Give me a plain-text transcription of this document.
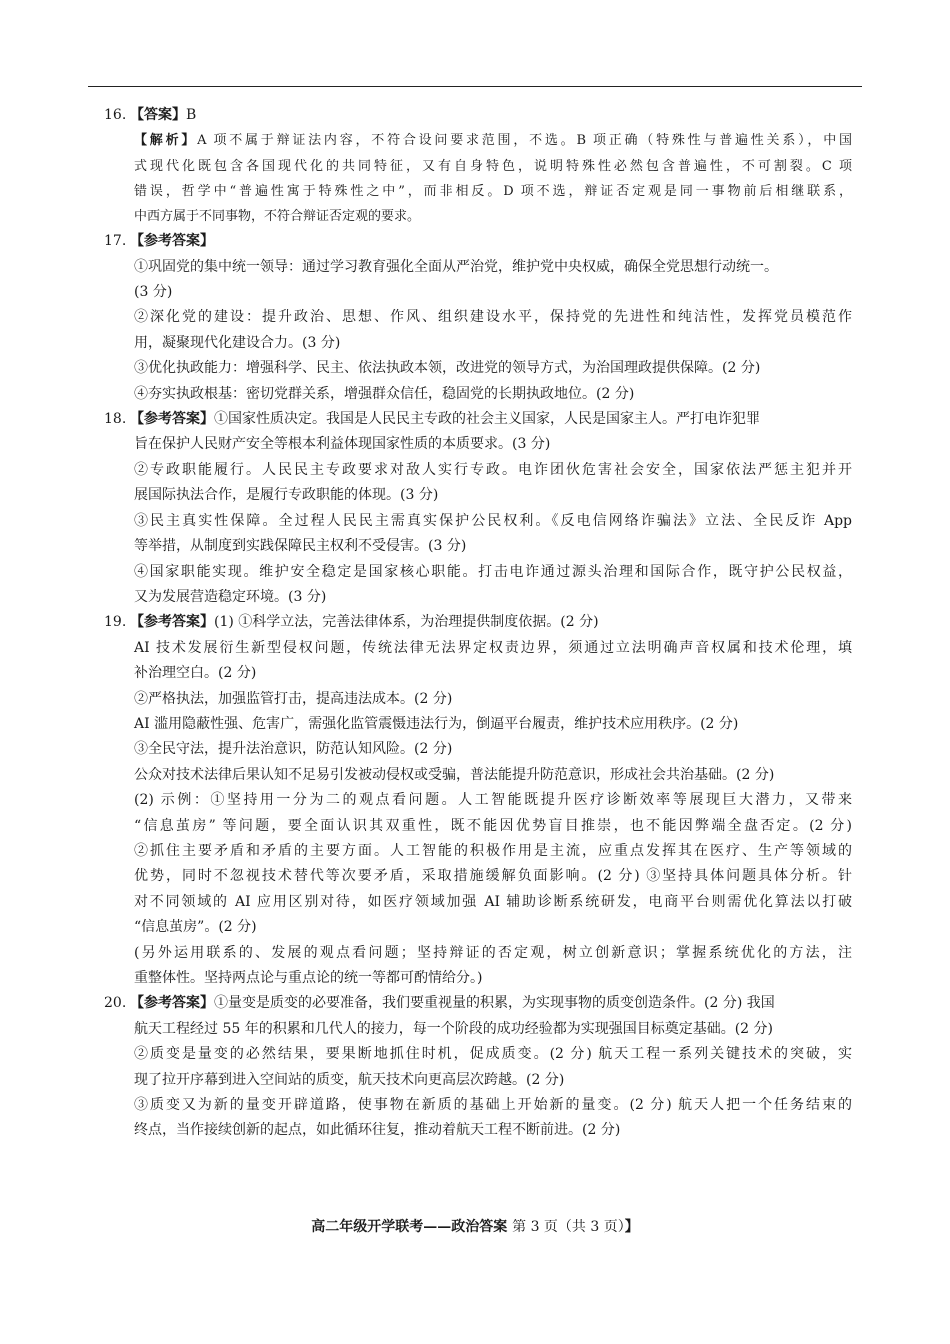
16. 【答案】 B
【解析】A 项不属于辩证法内容，不符合设问要求范围，不选。B 项正确（特殊性与普遍性关系），中国
式现代化既包含各国现代化的共同特征，又有自身特色，说明特殊性必然包含普遍性，不可割裂。C 项
错误，哲学中“普遍性寓于特殊性之中”，而非相反。D 项不选，辩证否定观是同一事物前后相继联系，
中西方属于不同事物，不符合辩证否定观的要求。
17. 【参考答案】
①巩固党的集中统一领导：通过学习教育强化全面从严治党，维护党中央权威，确保全党思想行动统一。
(3 分)
②深化党的建设：提升政治、思想、作风、组织建设水平，保持党的先进性和纯洁性，发挥党员模范作
用，凝聚现代化建设合力。(3 分)
③优化执政能力：增强科学、民主、依法执政本领，改进党的领导方式，为治国理政提供保障。(2 分)
④夯实执政根基：密切党群关系，增强群众信任，稳固党的长期执政地位。(2 分)
18. 【参考答案】 ①国家性质决定。我国是人民民主专政的社会主义国家，人民是国家主人。严打电诈犯罪
旨在保护人民财产安全等根本利益体现国家性质的本质要求。(3 分)
②专政职能履行。人民民主专政要求对敌人实行专政。电诈团伙危害社会安全，国家依法严惩主犯并开
展国际执法合作，是履行专政职能的体现。(3 分)
③民主真实性保障。全过程人民民主需真实保护公民权利。《反电信网络诈骗法》立法、全民反诈 App
等举措，从制度到实践保障民主权利不受侵害。(3 分)
④国家职能实现。维护安全稳定是国家核心职能。打击电诈通过源头治理和国际合作，既守护公民权益，
又为发展营造稳定环境。(3 分)
19. 【参考答案】 (1) ①科学立法，完善法律体系，为治理提供制度依据。(2 分)
AI 技术发展衍生新型侵权问题，传统法律无法界定权责边界，须通过立法明确声音权属和技术伦理，填
补治理空白。(2 分)
②严格执法，加强监管打击，提高违法成本。(2 分)
AI 滥用隐蔽性强、危害广，需强化监管震慑违法行为，倒逼平台履责，维护技术应用秩序。(2 分)
③全民守法，提升法治意识，防范认知风险。(2 分)
公众对技术法律后果认知不足易引发被动侵权或受骗，普法能提升防范意识，形成社会共治基础。(2 分)
(2) 示例：①坚持用一分为二的观点看问题。人工智能既提升医疗诊断效率等展现巨大潜力，又带来
“信息茧房” 等问题，要全面认识其双重性，既不能因优势盲目推崇，也不能因弊端全盘否定。(2 分)
②抓住主要矛盾和矛盾的主要方面。人工智能的积极作用是主流，应重点发挥其在医疗、生产等领域的
优势，同时不忽视技术替代等次要矛盾，采取措施缓解负面影响。(2 分) ③坚持具体问题具体分析。针
对不同领域的 AI 应用区别对待，如医疗领域加强 AI 辅助诊断系统研发，电商平台则需优化算法以打破
“信息茧房”。(2 分)
(另外运用联系的、发展的观点看问题；坚持辩证的否定观，树立创新意识；掌握系统优化的方法，注
重整体性。坚持两点论与重点论的统一等都可酌情给分。)
20. 【参考答案】 ①量变是质变的必要准备，我们要重视量的积累，为实现事物的质变创造条件。(2 分) 我国
航天工程经过 55 年的积累和几代人的接力，每一个阶段的成功经验都为实现强国目标奠定基础。(2 分)
②质变是量变的必然结果，要果断地抓住时机，促成质变。(2 分) 航天工程一系列关键技术的突破，实
现了拉开序幕到进入空间站的质变，航天技术向更高层次跨越。(2 分)
③质变又为新的量变开辟道路，使事物在新质的基础上开始新的量变。(2 分) 航天人把一个任务结束的
终点，当作接续创新的起点，如此循环往复，推动着航天工程不断前进。(2 分)
高二年级开学联考——政治答案 第 3 页（共 3 页）】
